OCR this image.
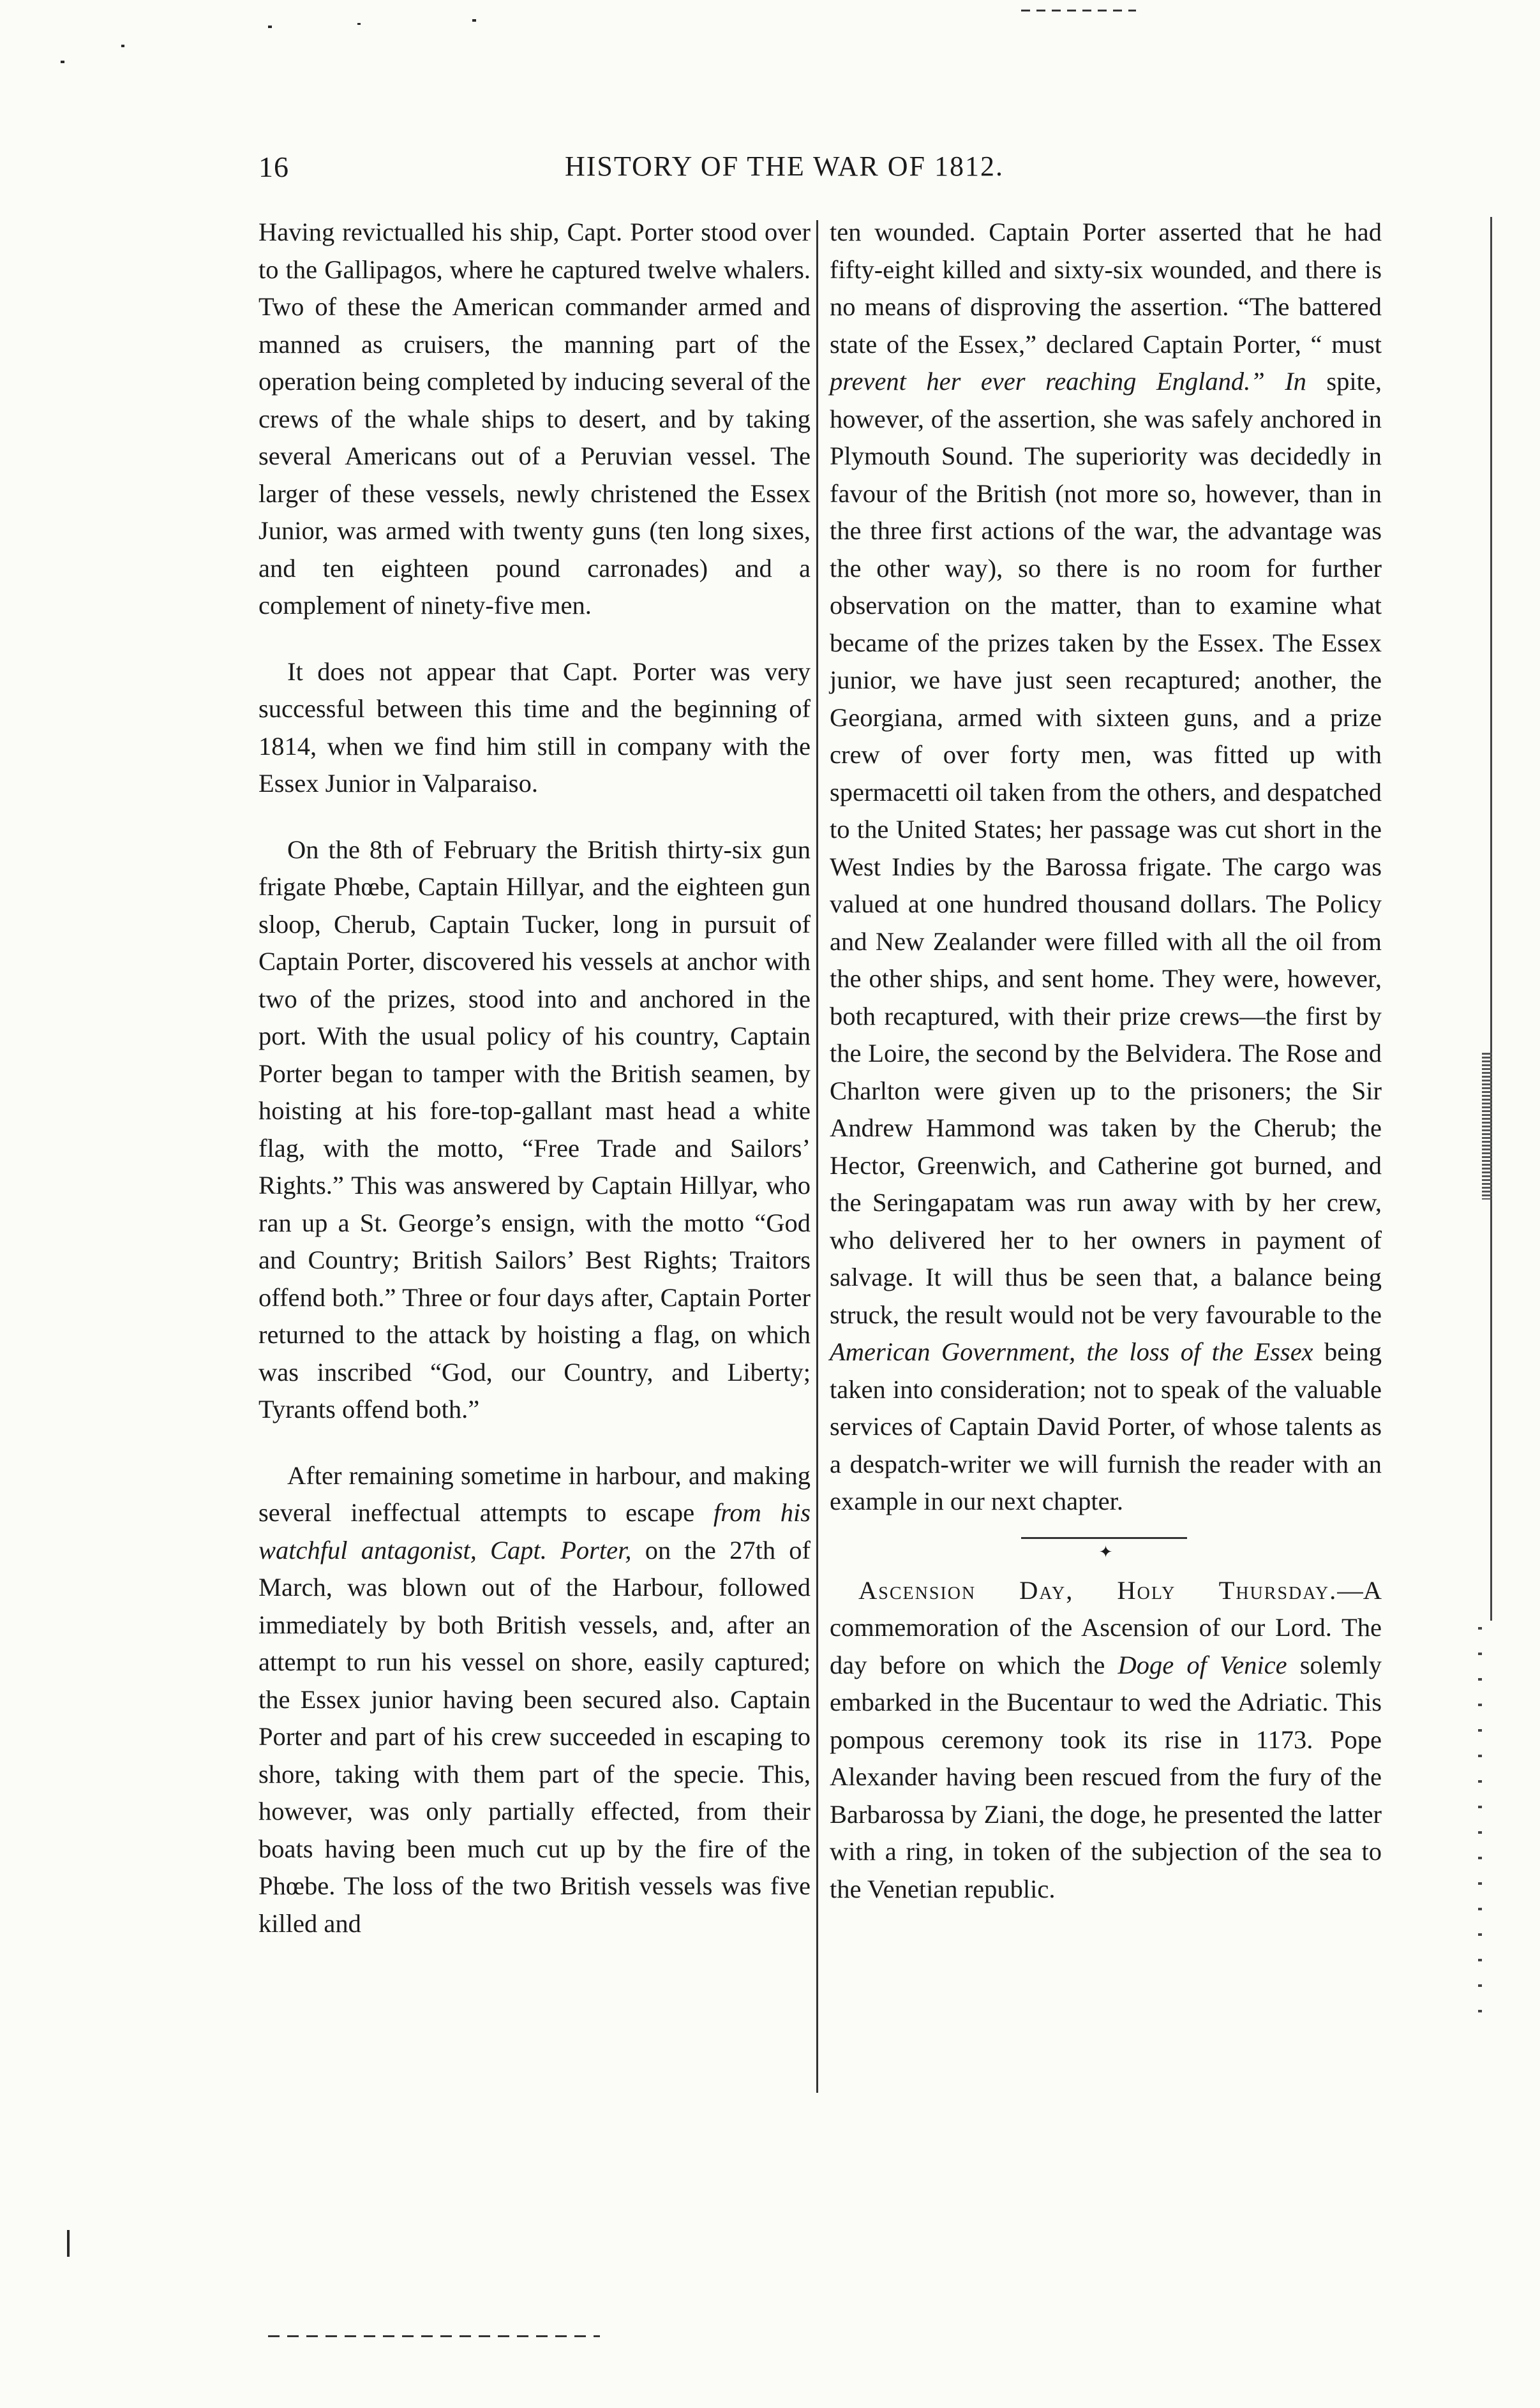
16	HISTORY OF THE WAR OF 1812.

Having revictualled his ship, Capt. Porter stood over to the Gallipagos, where he captured twelve whalers. Two of these the American commander armed and manned as cruisers, the manning part of the operation being completed by inducing several of the crews of the whale ships to desert, and by taking several Americans out of a Peruvian vessel. The larger of these vessels, newly christened the Essex Junior, was armed with twenty guns (ten long sixes, and ten eighteen pound carronades) and a complement of ninety-five men.

It does not appear that Capt. Porter was very successful between this time and the beginning of 1814, when we find him still in company with the Essex Junior in Valparaiso.

On the 8th of February the British thirty-six gun frigate Phœbe, Captain Hillyar, and the eighteen gun sloop, Cherub, Captain Tucker, long in pursuit of Captain Porter, discovered his vessels at anchor with two of the prizes, stood into and anchored in the port. With the usual policy of his country, Captain Porter began to tamper with the British seamen, by hoisting at his fore-top-gallant mast head a white flag, with the motto, “Free Trade and Sailors’ Rights.” This was answered by Captain Hillyar, who ran up a St. George’s ensign, with the motto “God and Country; British Sailors’ Best Rights; Traitors offend both.” Three or four days after, Captain Porter returned to the attack by hoisting a flag, on which was inscribed “God, our Country, and Liberty; Tyrants offend both.”

After remaining sometime in harbour, and making several ineffectual attempts to escape from his watchful antagonist, Capt. Porter, on the 27th of March, was blown out of the Harbour, followed immediately by both British vessels, and, after an attempt to run his vessel on shore, easily captured; the Essex junior having been secured also. Captain Porter and part of his crew succeeded in escaping to shore, taking with them part of the specie. This, however, was only partially effected, from their boats having been much cut up by the fire of the Phœbe. The loss of the two British vessels was five killed and

ten wounded. Captain Porter asserted that he had fifty-eight killed and sixty-six wounded, and there is no means of disproving the assertion. “The battered state of the Essex,” declared Captain Porter, “ must prevent her ever reaching England.” In spite, however, of the assertion, she was safely anchored in Plymouth Sound. The superiority was decidedly in favour of the British (not more so, however, than in the three first actions of the war, the advantage was the other way), so there is no room for further observation on the matter, than to examine what became of the prizes taken by the Essex. The Essex junior, we have just seen recaptured; another, the Georgiana, armed with sixteen guns, and a prize crew of over forty men, was fitted up with spermacetti oil taken from the others, and despatched to the United States; her passage was cut short in the West Indies by the Barossa frigate. The cargo was valued at one hundred thousand dollars. The Policy and New Zealander were filled with all the oil from the other ships, and sent home. They were, however, both recaptured, with their prize crews—the first by the Loire, the second by the Belvidera. The Rose and Charlton were given up to the prisoners; the Sir Andrew Hammond was taken by the Cherub; the Hector, Greenwich, and Catherine got burned, and the Seringapatam was run away with by her crew, who delivered her to her owners in payment of salvage. It will thus be seen that, a balance being struck, the result would not be very favourable to the American Government, the loss of the Essex being taken into consideration; not to speak of the valuable services of Captain David Porter, of whose talents as a despatch-writer we will furnish the reader with an example in our next chapter.

✦

Ascension Day, Holy Thursday.—A commemoration of the Ascension of our Lord. The day before on which the Doge of Venice solemly embarked in the Bucentaur to wed the Adriatic. This pompous ceremony took its rise in 1173. Pope Alexander having been rescued from the fury of the Barbarossa by Ziani, the doge, he presented the latter with a ring, in token of the subjection of the sea to the Venetian republic.
